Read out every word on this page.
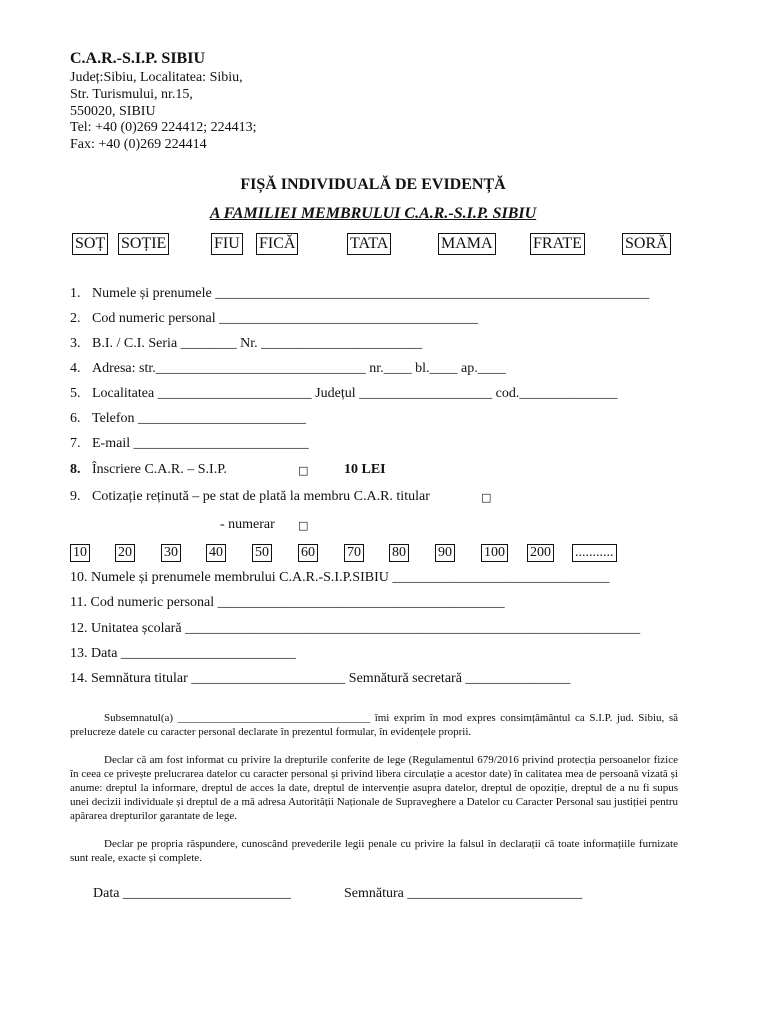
C.A.R.-S.I.P. SIBIU
Județ:Sibiu, Localitatea: Sibiu,
Str. Turismului, nr.15,
550020, SIBIU
Tel: +40 (0)269 224412; 224413;
Fax: +40 (0)269 224414
FIȘĂ INDIVIDUALĂ DE EVIDENȚĂ
A FAMILIEI MEMBRULUI C.A.R.-S.I.P. SIBIU
SOȚ SOȚIE	FIU FICĂ	TATA	MAMA	FRATE	SORĂ
1. Numele și prenumele ______________________________________________________________
2. Cod numeric personal _____________________________________
3. B.I. / C.I. Seria ________ Nr. _______________________
4. Adresa: str.______________________________ nr.____ bl.____ ap.____
5. Localitatea ______________________ Județul ___________________ cod.______________
6. Telefon ________________________
7. E-mail _________________________
8. Înscriere C.A.R. – S.I.P.	□	10 LEI
9. Cotizație reținută – pe stat de plată la membru C.A.R. titular	□
- numerar □
10 20 30 40 50 60 70 80 90 100 200 ...........
10. Numele și prenumele membrului C.A.R.-S.I.P.SIBIU _______________________________
11. Cod numeric personal _________________________________________
12. Unitatea școlară _________________________________________________________________
13. Data _________________________
14. Semnătura titular ______________________ Semnătură secretară _______________
Subsemnatul(a) ___________________________________ îmi exprim în mod expres consimțământul ca S.I.P. jud. Sibiu, să prelucreze datele cu caracter personal declarate în prezentul formular, în evidențele proprii.
Declar că am fost informat cu privire la drepturile conferite de lege (Regulamentul 679/2016 privind protecția persoanelor fizice în ceea ce privește prelucrarea datelor cu caracter personal și privind libera circulație a acestor date) în calitatea mea de persoană vizată și anume: dreptul la informare, dreptul de acces la date, dreptul de intervenție asupra datelor, dreptul de opoziție, dreptul de a nu fi supus unei decizii individuale și dreptul de a mă adresa Autorității Naționale de Supraveghere a Datelor cu Caracter Personal sau justiției pentru apărarea drepturilor garantate de lege.
Declar pe propria răspundere, cunoscând prevederile legii penale cu privire la falsul în declarații că toate informațiile furnizate sunt reale, exacte și complete.
Data ________________________	Semnătura _________________________
